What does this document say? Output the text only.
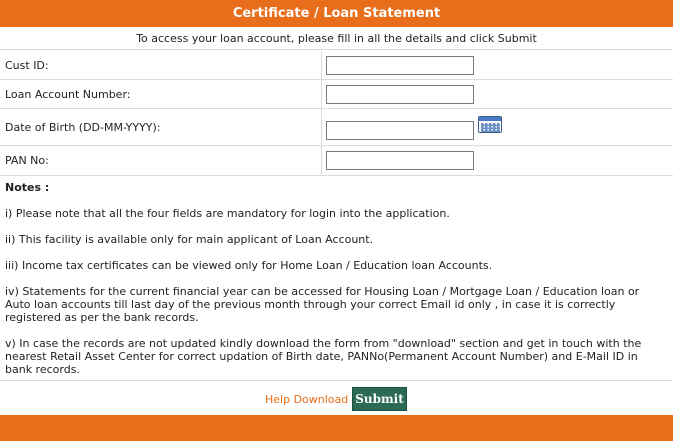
Certificate / Loan Statement
To access your loan account, please fill in all the details and click Submit
Cust ID:
Loan Account Number:
Date of Birth (DD-MM-YYYY):
PAN No:
Notes :

i) Please note that all the four fields are mandatory for login into the application.

ii) This facility is available only for main applicant of Loan Account.

iii) Income tax certificates can be viewed only for Home Loan / Education loan Accounts.

iv) Statements for the current financial year can be accessed for Housing Loan / Mortgage Loan / Education loan or Auto loan accounts till last day of the previous month through your correct Email id only , in case it is correctly registered as per the bank records.

v) In case the records are not updated kindly download the form from "download" section and get in touch with the nearest Retail Asset Center for correct updation of Birth date, PANNo(Permanent Account Number) and E-Mail ID in bank records.

Help Download Submit
